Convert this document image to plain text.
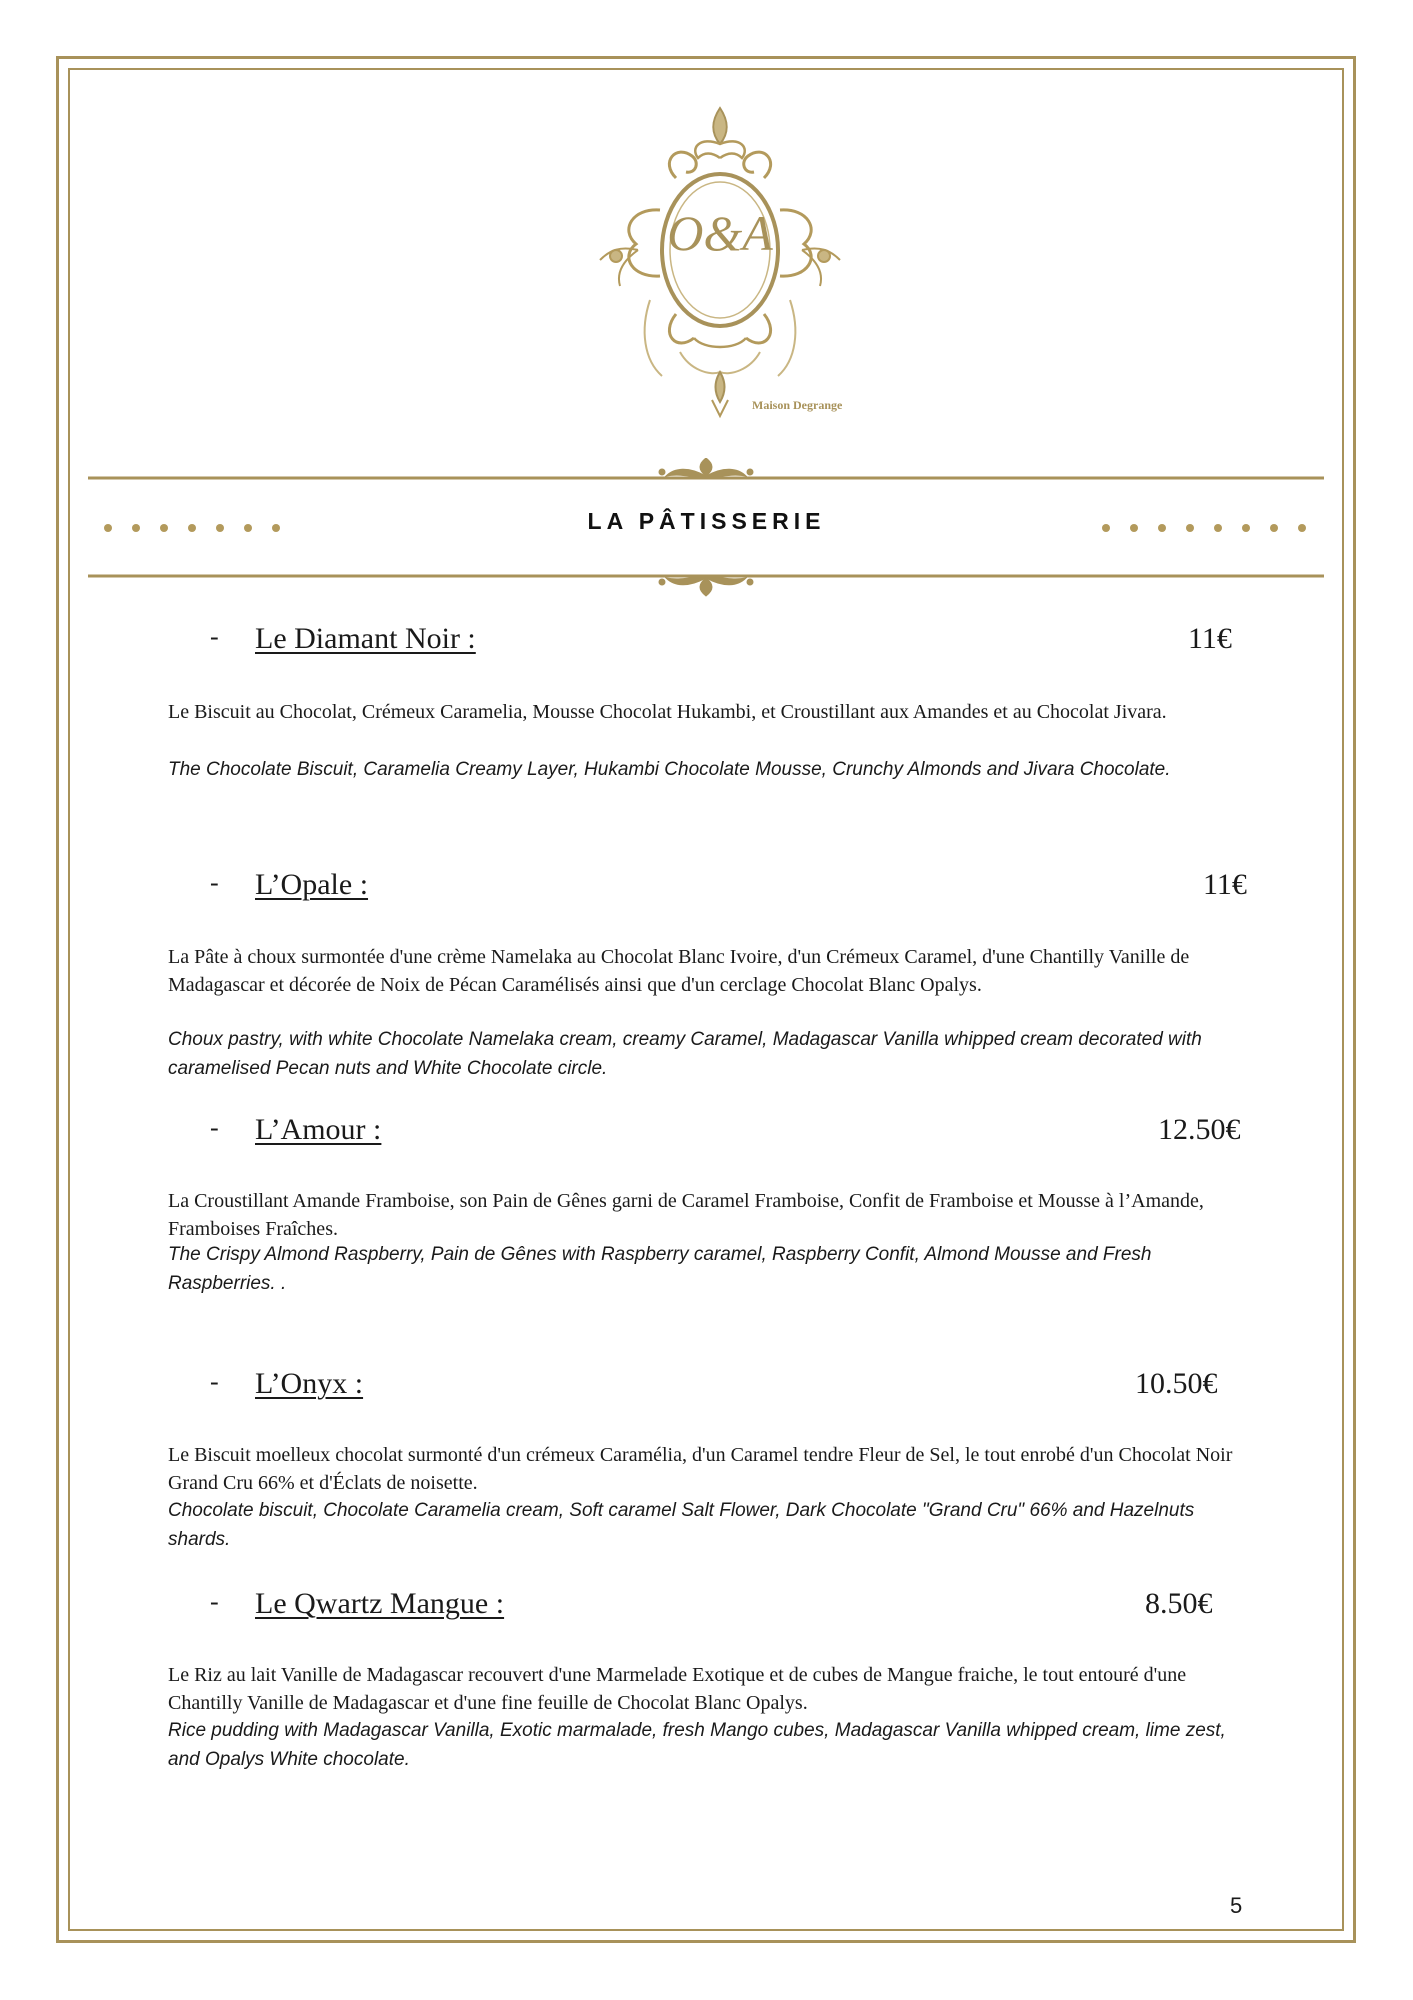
O&A
Maison Degrange
LA PÂTISSERIE
- Le Diamant Noir :	11€
Le Biscuit au Chocolat, Crémeux Caramelia, Mousse Chocolat Hukambi, et Croustillant aux Amandes et au Chocolat Jivara.
The Chocolate Biscuit, Caramelia Creamy Layer, Hukambi Chocolate Mousse, Crunchy Almonds and Jivara Chocolate.
- L’Opale :	11€
La Pâte à choux surmontée d'une crème Namelaka au Chocolat Blanc Ivoire, d'un Crémeux Caramel, d'une Chantilly Vanille de Madagascar et décorée de Noix de Pécan Caramélisés ainsi que d'un cerclage Chocolat Blanc Opalys.
Choux pastry, with white Chocolate Namelaka cream, creamy Caramel, Madagascar Vanilla whipped cream decorated with caramelised Pecan nuts and White Chocolate circle.
- L’Amour :	12.50€
La Croustillant Amande Framboise, son Pain de Gênes garni de Caramel Framboise, Confit de Framboise et Mousse à l’Amande, Framboises Fraîches.
The Crispy Almond Raspberry, Pain de Gênes with Raspberry caramel, Raspberry Confit, Almond Mousse and Fresh Raspberries. .
- L’Onyx :	10.50€
Le Biscuit moelleux chocolat surmonté d'un crémeux Caramélia, d'un Caramel tendre Fleur de Sel, le tout enrobé d'un Chocolat Noir Grand Cru 66% et d'Éclats de noisette.
Chocolate biscuit, Chocolate Caramelia cream, Soft caramel Salt Flower, Dark Chocolate "Grand Cru" 66% and Hazelnuts shards.
- Le Qwartz Mangue :	8.50€
Le Riz au lait Vanille de Madagascar recouvert d'une Marmelade Exotique et de cubes de Mangue fraiche, le tout entouré d'une Chantilly Vanille de Madagascar et d'une fine feuille de Chocolat Blanc Opalys.
Rice pudding with Madagascar Vanilla, Exotic marmalade, fresh Mango cubes, Madagascar Vanilla whipped cream, lime zest, and Opalys White chocolate.
5
